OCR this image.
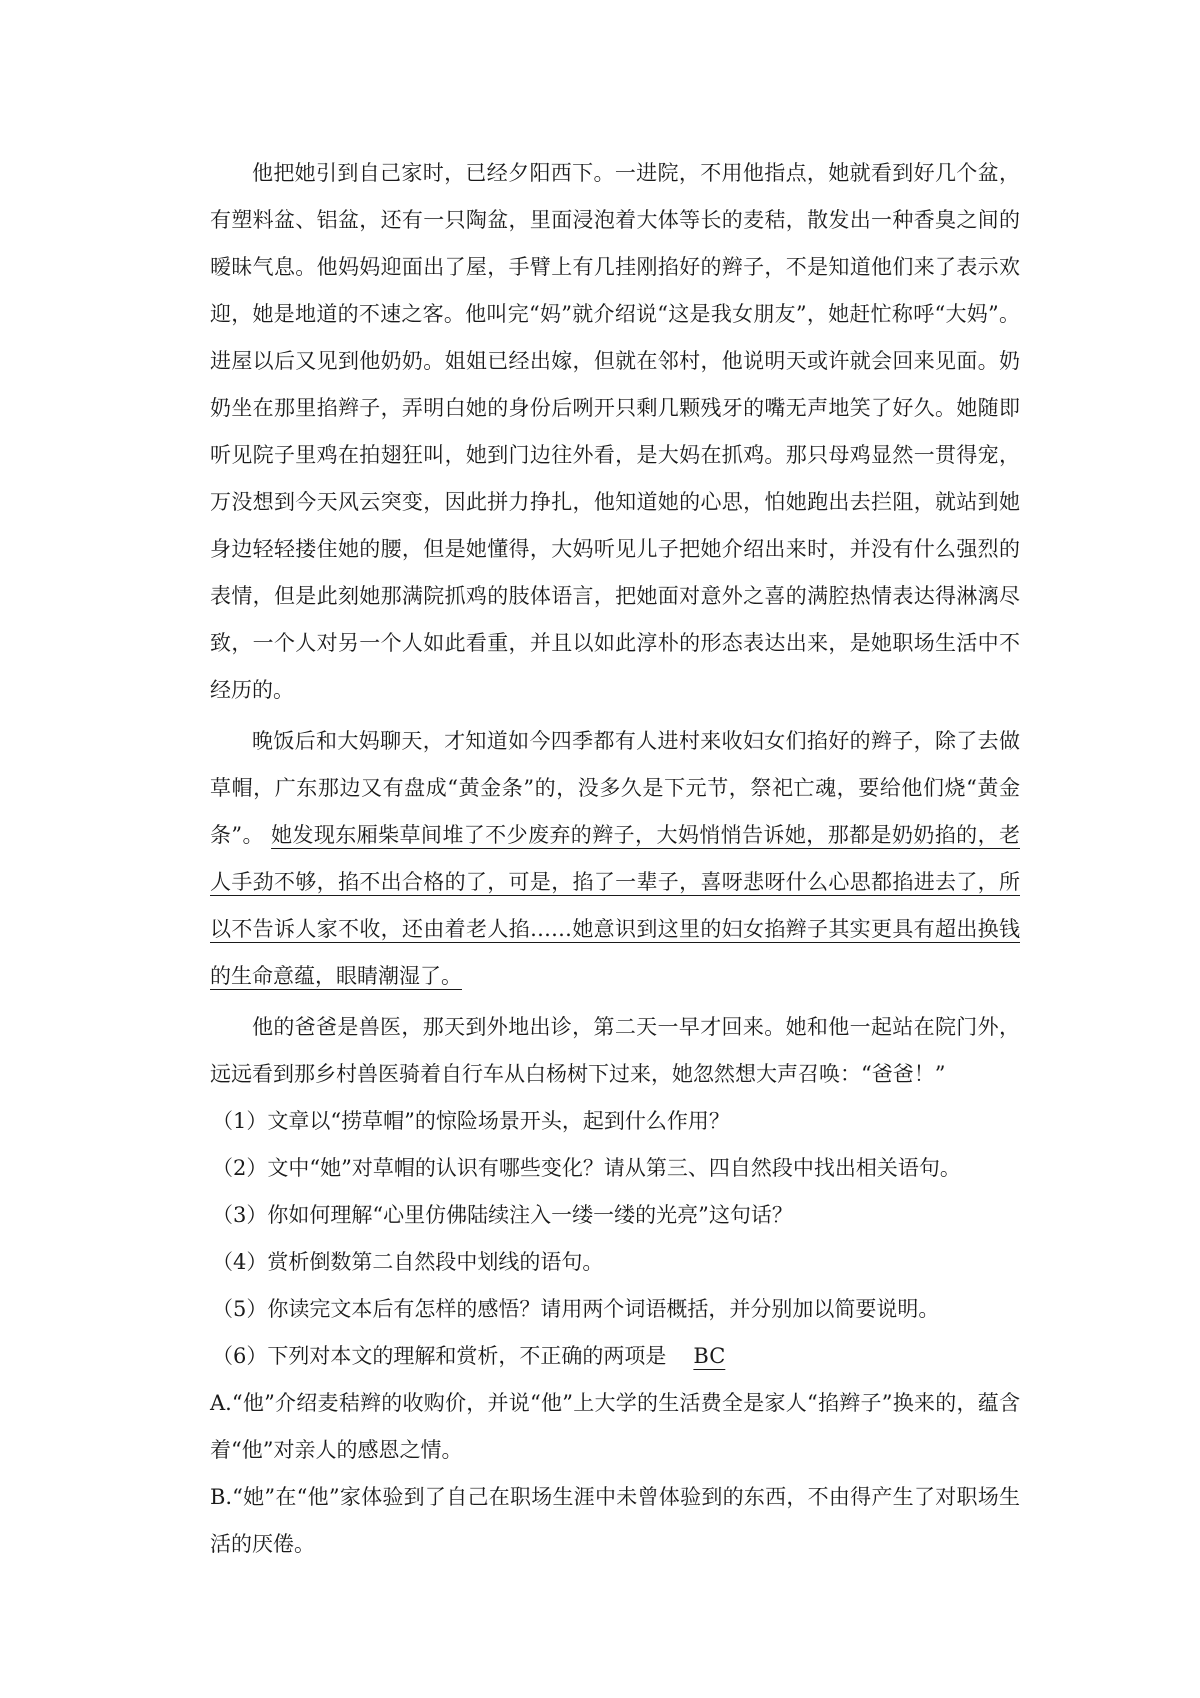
他把她引到自己家时，已经夕阳西下。一进院，不用他指点，她就看到好几个盆，有塑料盆、铝盆，还有一只陶盆，里面浸泡着大体等长的麦秸，散发出一种香臭之间的暧昧气息。他妈妈迎面出了屋，手臂上有几挂刚掐好的辫子，不是知道他们来了表示欢迎，她是地道的不速之客。他叫完“妈”就介绍说“这是我女朋友”，她赶忙称呼“大妈”。进屋以后又见到他奶奶。姐姐已经出嫁，但就在邻村，他说明天或许就会回来见面。奶奶坐在那里掐辫子，弄明白她的身份后咧开只剩几颗残牙的嘴无声地笑了好久。她随即听见院子里鸡在拍翅狂叫，她到门边往外看，是大妈在抓鸡。那只母鸡显然一贯得宠，万没想到今天风云突变，因此拼力挣扎，他知道她的心思，怕她跑出去拦阻，就站到她身边轻轻搂住她的腰，但是她懂得，大妈听见儿子把她介绍出来时，并没有什么强烈的表情，但是此刻她那满院抓鸡的肢体语言，把她面对意外之喜的满腔热情表达得淋漓尽致，一个人对另一个人如此看重，并且以如此淳朴的形态表达出来，是她职场生活中不经历的。

晚饭后和大妈聊天，才知道如今四季都有人进村来收妇女们掐好的辫子，除了去做草帽，广东那边又有盘成“黄金条”的，没多久是下元节，祭祀亡魂，要给他们烧“黄金条”。 她发现东厢柴草间堆了不少废弃的辫子，大妈悄悄告诉她，那都是奶奶掐的，老人手劲不够，掐不出合格的了，可是，掐了一辈子，喜呀悲呀什么心思都掐进去了，所以不告诉人家不收，还由着老人掐……她意识到这里的妇女掐辫子其实更具有超出换钱的生命意蕴，眼睛潮湿了。

他的爸爸是兽医，那天到外地出诊，第二天一早才回来。她和他一起站在院门外，远远看到那乡村兽医骑着自行车从白杨树下过来，她忽然想大声召唤：“爸爸！”

（1）文章以“捞草帽”的惊险场景开头，起到什么作用？

（2）文中“她”对草帽的认识有哪些变化？请从第三、四自然段中找出相关语句。

（3）你如何理解“心里仿佛陆续注入一缕一缕的光亮”这句话？

（4）赏析倒数第二自然段中划线的语句。

（5）你读完文本后有怎样的感悟？请用两个词语概括，并分别加以简要说明。

（6）下列对本文的理解和赏析，不正确的两项是 BC

A.“他”介绍麦秸辫的收购价，并说“他”上大学的生活费全是家人“掐辫子”换来的，蕴含着“他”对亲人的感恩之情。

B.“她”在“他”家体验到了自己在职场生涯中未曾体验到的东西，不由得产生了对职场生活的厌倦。
